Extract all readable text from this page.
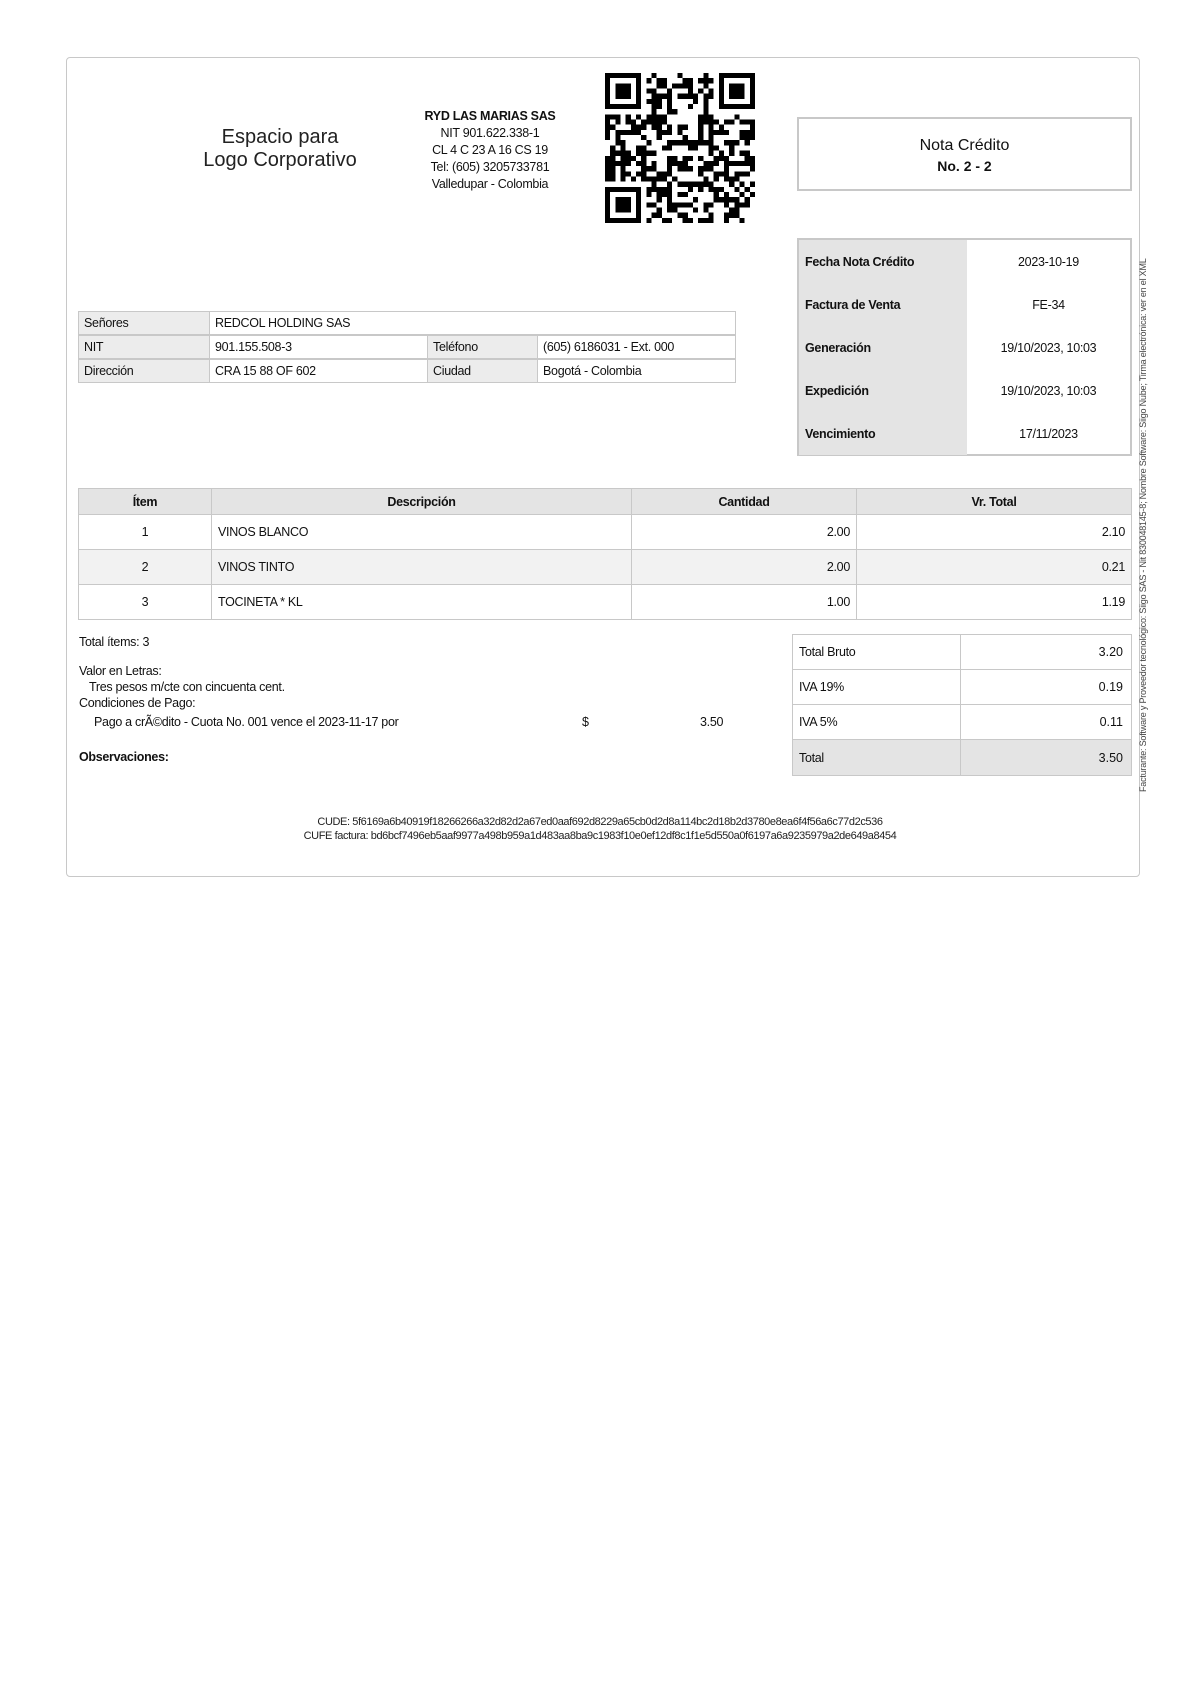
Espacio para
Logo Corporativo
RYD LAS MARIAS SAS
NIT 901.622.338-1
CL 4 C 23 A 16 CS 19
Tel: (605) 3205733781
Valledupar - Colombia
Nota Crédito
No. 2 - 2
Facturante: Software y Proveedor tecnológico: Siigo SAS - Nit 830048145-8; Nombre Software: Siigo Nube; Tirma electrónica: ver en el XML
Fecha Nota Crédito	2023-10-19
Factura de Venta	FE-34
Generación	19/10/2023, 10:03
Expedición	19/10/2023, 10:03
Vencimiento	17/11/2023
Señores	REDCOL HOLDING SAS
NIT	901.155.508-3	Teléfono	(605) 6186031 - Ext. 000
Dirección	CRA 15 88 OF 602	Ciudad	Bogotá - Colombia
Ítem	Descripción	Cantidad	Vr. Total
1	VINOS BLANCO	2.00	2.10
2	VINOS TINTO	2.00	0.21
3	TOCINETA * KL	1.00	1.19
Total ítems: 3
Valor en Letras:
Tres pesos m/cte con cincuenta cent.
Condiciones de Pago:
Pago a crÃ©dito - Cuota No. 001 vence el 2023-11-17 por	$	3.50
Observaciones:
Total Bruto	3.20
IVA 19%	0.19
IVA 5%	0.11
Total	3.50
CUDE: 5f6169a6b40919f18266266a32d82d2a67ed0aaf692d8229a65cb0d2d8a114bc2d18b2d3780e8ea6f4f56a6c77d2c536
CUFE factura: bd6bcf7496eb5aaf9977a498b959a1d483aa8ba9c1983f10e0ef12df8c1f1e5d550a0f6197a6a9235979a2de649a8454
